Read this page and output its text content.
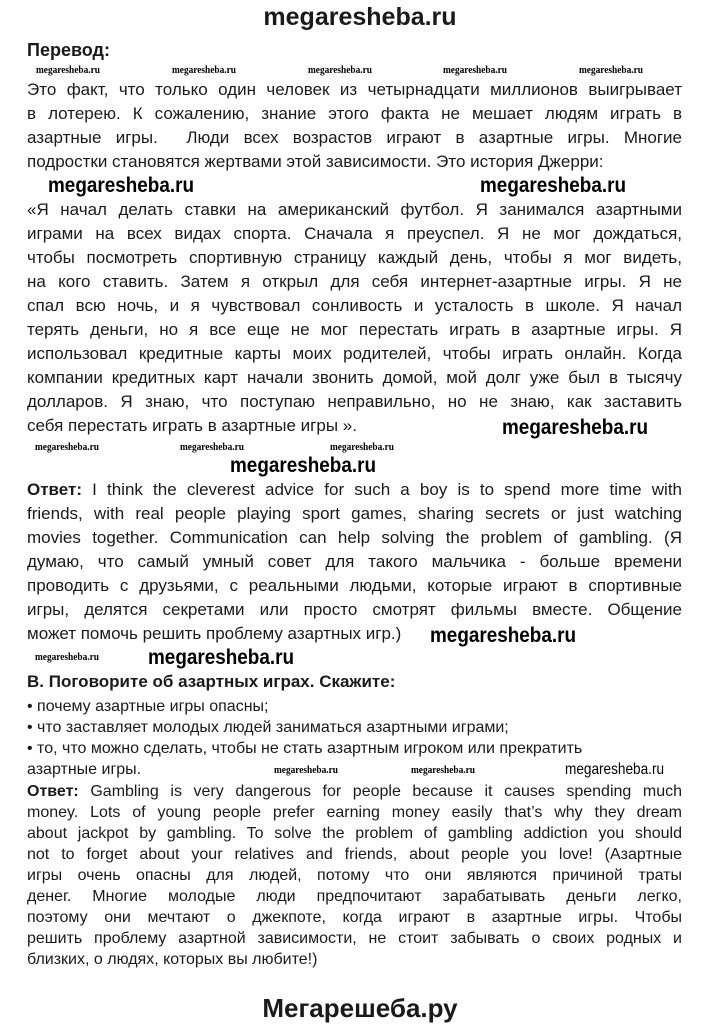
megaresheba.ru
Мегарешеба.ру
Перевод:
B. Поговорите об азартных играх. Скажите:
Это факт, что только один человек из четырнадцати миллионов выигрывает
в лотерею. К сожалению, знание этого факта не мешает людям играть в
азартные игры.  Люди всех возрастов играют в азартные игры. Многие
подростки становятся жертвами этой зависимости. Это история Джерри:
«Я начал делать ставки на американский футбол. Я занимался азартными
играми на всех видах спорта. Сначала я преуспел. Я не мог дождаться,
чтобы посмотреть спортивную страницу каждый день, чтобы я мог видеть,
на кого ставить. Затем я открыл для себя интернет-азартные игры. Я не
спал всю ночь, и я чувствовал сонливость и усталость в школе. Я начал
терять деньги, но я все еще не мог перестать играть в азартные игры. Я
использовал кредитные карты моих родителей, чтобы играть онлайн. Когда
компании кредитных карт начали звонить домой, мой долг уже был в тысячу
долларов. Я знаю, что поступаю неправильно, но не знаю, как заставить
себя перестать играть в азартные игры ».
Ответ: I think the cleverest advice for such a boy is to spend more time with
friends, with real people playing sport games, sharing secrets or just watching
movies together. Communication can help solving the problem of gambling. (Я
думаю, что самый умный совет для такого мальчика - больше времени
проводить с друзьями, с реальными людьми, которые играют в спортивные
игры, делятся секретами или просто смотрят фильмы вместе. Общение
может помочь решить проблему азартных игр.)
• почему азартные игры опасны;
• что заставляет молодых людей заниматься азартными играми;
• то, что можно сделать, чтобы не стать азартным игроком или прекратить
азартные игры.
Ответ: Gambling is very dangerous for people because it causes spending much
money. Lots of young people prefer earning money easily that’s why they dream
about jackpot by gambling. To solve the problem of gambling addiction you should
not to forget about your relatives and friends, about people you love! (Азартные
игры очень опасны для людей, потому что они являются причиной траты
денег. Многие молодые люди предпочитают зарабатывать деньги легко,
поэтому они мечтают о джекпоте, когда играют в азартные игры. Чтобы
решить проблему азартной зависимости, не стоит забывать о своих родных и
близких, о людях, которых вы любите!)
megaresheba.ru	megaresheba.ru	megaresheba.ru	megaresheba.ru	megaresheba.ru
megaresheba.ru	megaresheba.ru
megaresheba.ru	megaresheba.ru	megaresheba.ru
megaresheba.ru
megaresheba.ru
megaresheba.ru
megaresheba.ru
megaresheba.ru
megaresheba.ru	megaresheba.ru	megaresheba.ru
